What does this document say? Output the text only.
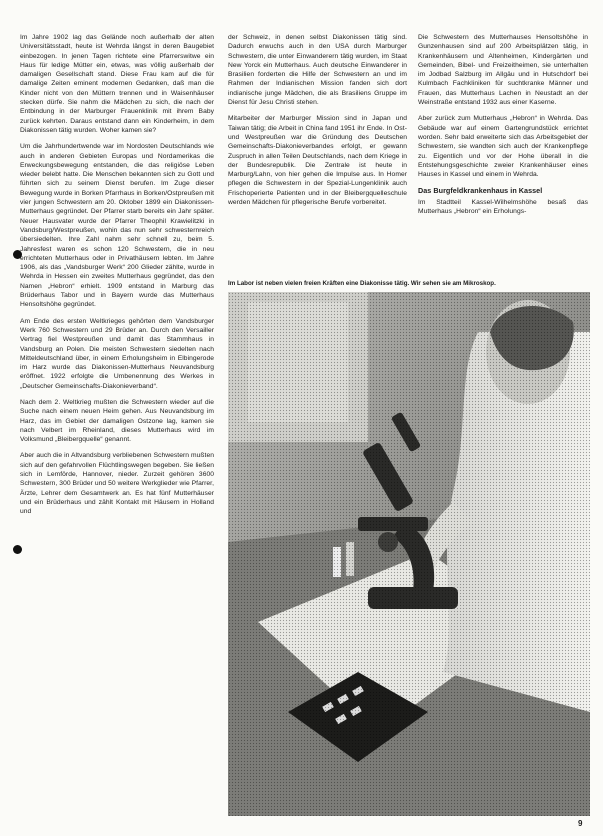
Im Jahre 1902 lag das Gelände noch außerhalb der alten Universitätsstadt, heute ist Wehrda längst in deren Baugebiet einbezogen. In jenen Tagen richtete eine Pfarrerswitwe ein Haus für ledige Mütter ein, etwas, was völlig außerhalb der damaligen Gesellschaft stand. Diese Frau kam auf die für damalige Zeiten eminent modernen Gedanken, daß man die Kinder nicht von den Müttern trennen und in Waisenhäuser stecken dürfe. Sie nahm die Mädchen zu sich, die nach der Entbindung in der Marburger Frauenklinik mit ihrem Baby zurück kehrten. Daraus entstand dann ein Kinderheim, in dem Diakonissen tätig wurden. Woher kamen sie?

Um die Jahrhundertwende war im Nordosten Deutschlands wie auch in anderen Gebieten Europas und Nordamerikas die Erweckungsbewegung entstanden, die das religiöse Leben wieder belebt hatte. Die Menschen bekannten sich zu Gott und führten sich zu seinem Dienst berufen. Im Zuge dieser Bewegung wurde in Borken Pfarrhaus in Borken/Ostpreußen mit vier jungen Schwestern am 20. Oktober 1899 ein Diakonissen-Mutterhaus gegründet. Der Pfarrer starb bereits ein Jahr später. Neuer Hausvater wurde der Pfarrer Theophil Krawielitzki in Vandsburg/Westpreußen, wohin das nun sehr schwesternreich übersiedelten. Ihre Zahl nahm sehr schnell zu, beim 5. Jahresfest waren es schon 120 Schwestern, die in neu errichteten Mutterhaus oder in Privathäusern lebten. Im Jahre 1906, als das „Vandsburger Werk“ 200 Glieder zählte, wurde in Wehrda in Hessen ein zweites Mutterhaus gegründet, das den Namen „Hebron“ erhielt. 1909 entstand in Marburg das Brüderhaus Tabor und in Bayern wurde das Mutterhaus Hensoltshöhe gegründet.

Am Ende des ersten Weltkrieges gehörten dem Vandsburger Werk 760 Schwestern und 29 Brüder an. Durch den Versailler Vertrag fiel Westpreußen und damit das Stammhaus in Vandsburg an Polen. Die meisten Schwestern siedelten nach Mitteldeutschland über, in einem Erholungsheim in Elbingerode im Harz wurde das Diakonissen-Mutterhaus Neuvandsburg eröffnet. 1922 erfolgte die Umbenennung des Werkes in „Deutscher Gemeinschafts-Diakonieverband“.

Nach dem 2. Weltkrieg mußten die Schwestern wieder auf die Suche nach einem neuen Heim gehen. Aus Neuvandsburg im Harz, das im Gebiet der damaligen Ostzone lag, kamen sie nach Velbert im Rheinland, dieses Mutterhaus wird im Volksmund „Bleibergquelle“ genannt.

Aber auch die in Altvandsburg verbliebenen Schwestern mußten sich auf den gefahrvollen Flüchtlingswegen begeben. Sie ließen sich in Lemförde, Hannover, nieder. Zurzeit gehören 3600 Schwestern, 300 Brüder und 50 weitere Werkglieder wie Pfarrer, Ärzte, Lehrer dem Gesamtwerk an. Es hat fünf Mutterhäuser und ein Brüderhaus und zählt Kontakt mit Häusern in Holland und

der Schweiz, in denen selbst Diakonissen tätig sind. Dadurch erwuchs auch in den USA durch Marburger Schwestern, die unter Einwanderern tätig wurden, im Staat New Yorck ein Mutterhaus. Auch deutsche Einwanderer in Brasilien forderten die Hilfe der Schwestern an und im Rahmen der Indianischen Mission fanden sich dort indianische junge Mädchen, die als Brasiliens Gruppe im Dienst für Jesu Christi stehen.

Mitarbeiter der Marburger Mission sind in Japan und Taiwan tätig; die Arbeit in China fand 1951 ihr Ende. In Ost- und Westpreußen war die Gründung des Deutschen Gemeinschafts-Diakonieverbandes erfolgt, er gewann Zuspruch in allen Teilen Deutschlands, nach dem Kriege in der Bundesrepublik. Die Zentrale ist heute in Marburg/Lahn, von hier gehen die Impulse aus. In Homer pflegen die Schwestern in der Spezial-Lungenklinik auch Frischoperierte Patienten und in der Bleibergquelleschule werden Mädchen für pflegerische Berufe vorbereitet.

Die Schwestern des Mutterhauses Hensoltshöhe in Gunzenhausen sind auf 200 Arbeitsplätzen tätig, in Krankenhäusern und Altenheimen, Kindergärten und Gemeinden, Bibel- und Freizeitheimen, sie unterhalten im Jodbad Salzburg im Allgäu und in Hutschdorf bei Kulmbach Fachkliniken für suchtkranke Männer und Frauen, das Mutterhaus Lachen in Neustadt an der Weinstraße entstand 1932 aus einer Kaserne.

Aber zurück zum Mutterhaus „Hebron“ in Wehrda. Das Gebäude war auf einem Gartengrundstück errichtet worden. Sehr bald erweiterte sich das Arbeitsgebiet der Schwestern, sie wandten sich auch der Krankenpflege zu. Eigentlich und vor der Hohe überall in die Entstehungsgeschichte zweier Krankenhäuser eines Hauses in Kassel und einem in Wehrda.

Das Burgfeldkrankenhaus in Kassel

Im Stadtteil Kassel-Wilhelmshöhe besaß das Mutterhaus „Hebron“ ein Erholungs-

Im Labor ist neben vielen freien Kräften eine Diakonisse tätig. Wir sehen sie am Mikroskop.
9
